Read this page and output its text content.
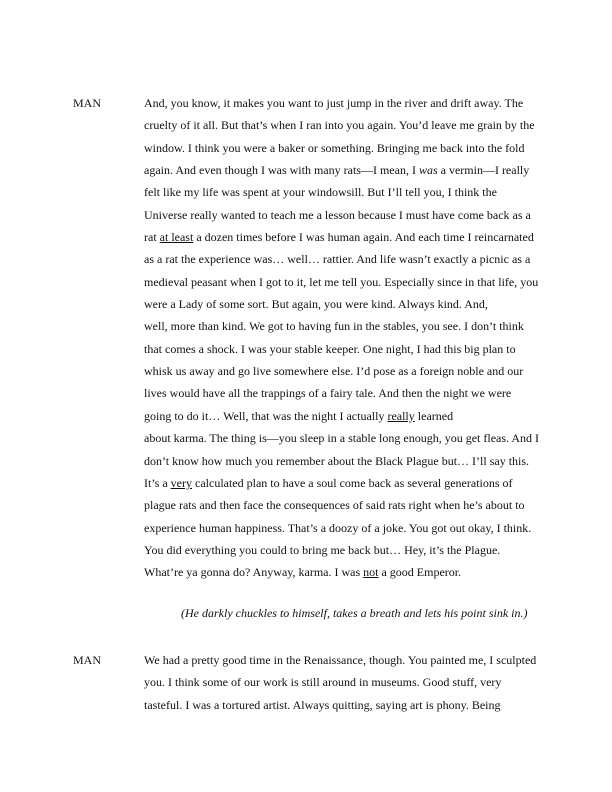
MAN	And, you know, it makes you want to just jump in the river and drift away. The
cruelty of it all. But that’s when I ran into you again. You’d leave me grain by the
window. I think you were a baker or something. Bringing me back into the fold
again. And even though I was with many rats—I mean, I was a vermin—I really
felt like my life was spent at your windowsill. But I’ll tell you, I think the
Universe really wanted to teach me a lesson because I must have come back as a
rat at least a dozen times before I was human again. And each time I reincarnated
as a rat the experience was… well… rattier. And life wasn’t exactly a picnic as a
medieval peasant when I got to it, let me tell you. Especially since in that life, you
were a Lady of some sort. But again, you were kind. Always kind. And,
well, more than kind. We got to having fun in the stables, you see. I don’t think
that comes a shock. I was your stable keeper. One night, I had this big plan to
whisk us away and go live somewhere else. I’d pose as a foreign noble and our
lives would have all the trappings of a fairy tale. And then the night we were
going to do it… Well, that was the night I actually really learned
about karma. The thing is—you sleep in a stable long enough, you get fleas. And I
don’t know how much you remember about the Black Plague but… I’ll say this.
It’s a very calculated plan to have a soul come back as several generations of
plague rats and then face the consequences of said rats right when he’s about to
experience human happiness. That’s a doozy of a joke. You got out okay, I think.
You did everything you could to bring me back but… Hey, it’s the Plague.
What’re ya gonna do? Anyway, karma. I was not a good Emperor.
(He darkly chuckles to himself, takes a breath and lets his point sink in.)
MAN	We had a pretty good time in the Renaissance, though. You painted me, I sculpted
you. I think some of our work is still around in museums. Good stuff, very
tasteful. I was a tortured artist. Always quitting, saying art is phony. Being
